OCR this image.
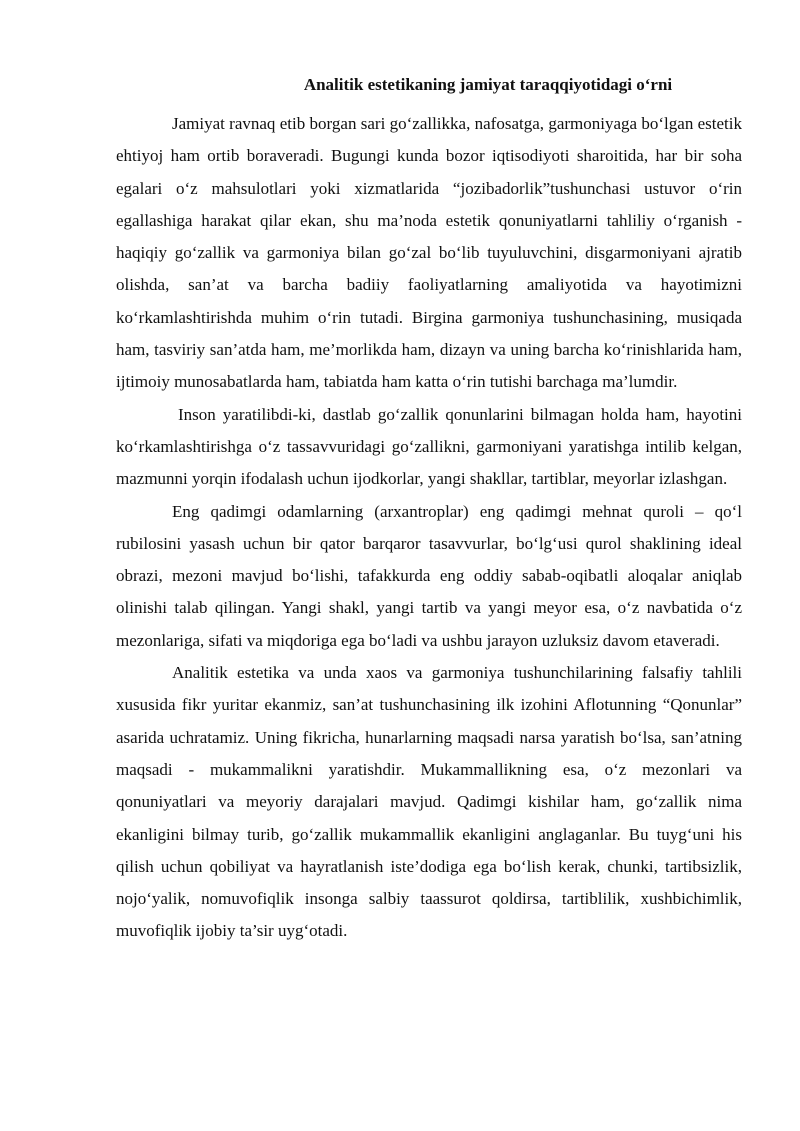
Analitik estetikaning jamiyat taraqqiyotidagi o‘rni

Jamiyat ravnaq etib borgan sari go‘zallikka, nafosatga, garmoniyaga bo‘lgan estetik ehtiyoj ham ortib boraveradi. Bugungi kunda bozor iqtisodiyoti sharoitida, har bir soha egalari o‘z mahsulotlari yoki xizmatlarida “jozibadorlik”tushunchasi ustuvor o‘rin egallashiga harakat qilar ekan, shu ma’noda estetik qonuniyatlarni tahliliy o‘rganish - haqiqiy go‘zallik va garmoniya bilan go‘zal bo‘lib tuyuluvchini, disgarmoniyani ajratib olishda, san’at va barcha badiiy faoliyatlarning amaliyotida va hayotimizni ko‘rkamlashtirishda muhim o‘rin tutadi. Birgina garmoniya tushunchasining, musiqada ham, tasviriy san’atda ham, me’morlikda ham, dizayn va uning barcha ko‘rinishlarida ham, ijtimoiy munosabatlarda ham, tabiatda ham katta o‘rin tutishi barchaga ma’lumdir.

Inson yaratilibdi-ki, dastlab go‘zallik qonunlarini bilmagan holda ham, hayotini ko‘rkamlashtirishga o‘z tassavvuridagi go‘zallikni, garmoniyani yaratishga intilib kelgan, mazmunni yorqin ifodalash uchun ijodkorlar, yangi shakllar, tartiblar, meyorlar izlashgan.

Eng qadimgi odamlarning (arxantroplar) eng qadimgi mehnat quroli – qo‘l rubilosini yasash uchun bir qator barqaror tasavvurlar, bo‘lg‘usi qurol shaklining ideal obrazi, mezoni mavjud bo‘lishi, tafakkurda eng oddiy sabab-oqibatli aloqalar aniqlab olinishi talab qilingan. Yangi shakl, yangi tartib va yangi meyor esa, o‘z navbatida o‘z mezonlariga, sifati va miqdoriga ega bo‘ladi va ushbu jarayon uzluksiz davom etaveradi.

Analitik estetika va unda xaos va garmoniya tushunchilarining falsafiy tahlili xususida fikr yuritar ekanmiz, san’at tushunchasining ilk izohini Aflotunning “Qonunlar” asarida uchratamiz. Uning fikricha, hunarlarning maqsadi narsa yaratish bo‘lsa, san’atning maqsadi - mukammalikni yaratishdir. Mukammallikning esa, o‘z mezonlari va qonuniyatlari va meyoriy darajalari mavjud. Qadimgi kishilar ham, go‘zallik nima ekanligini bilmay turib, go‘zallik mukammallik ekanligini anglaganlar. Bu tuyg‘uni his qilish uchun qobiliyat va hayratlanish iste’dodiga ega bo‘lish kerak, chunki, tartibsizlik, nojo‘yalik, nomuvofiqlik insonga salbiy taassurot qoldirsa, tartiblilik, xushbichimlik, muvofiqlik ijobiy ta’sir uyg‘otadi.
